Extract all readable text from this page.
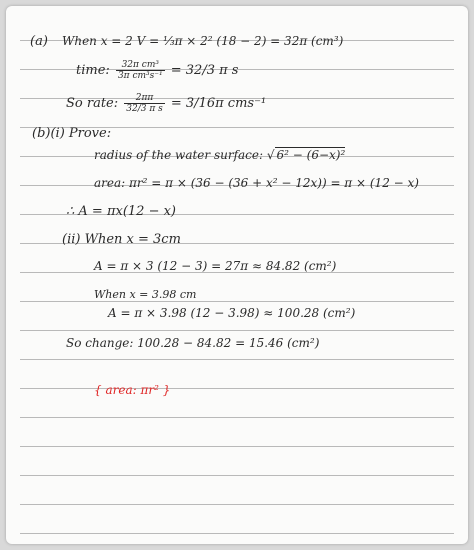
(a) When x = 2 V = ⅓π × 2² (18 − 2) = 32π (cm³)
time: $\frac{\text{32π cm³}}{\text{3π cm³s⁻¹}} = 32/3$ π s
So rate: $\frac{2\pi\pi}{\text{32/3 π s}} = 3/16\pi$ cms⁻¹
(b)(i) Prove:
radius of the water surface: √ 6² − (6−x)²
area: πr² = π × (36 − (36 + x² − 12x)) = π × (12 − x)
∴ A = πx(12 − x)
(ii) When x = 3cm
A = π × 3 (12 − 3) = 27π ≈ 84.82 (cm²)
When x = 3.98 cm
A = π × 3.98 (12 − 3.98) ≈ 100.28 (cm²)
So change: 100.28 − 84.82 = 15.46 (cm²)
{ area: πr² }
